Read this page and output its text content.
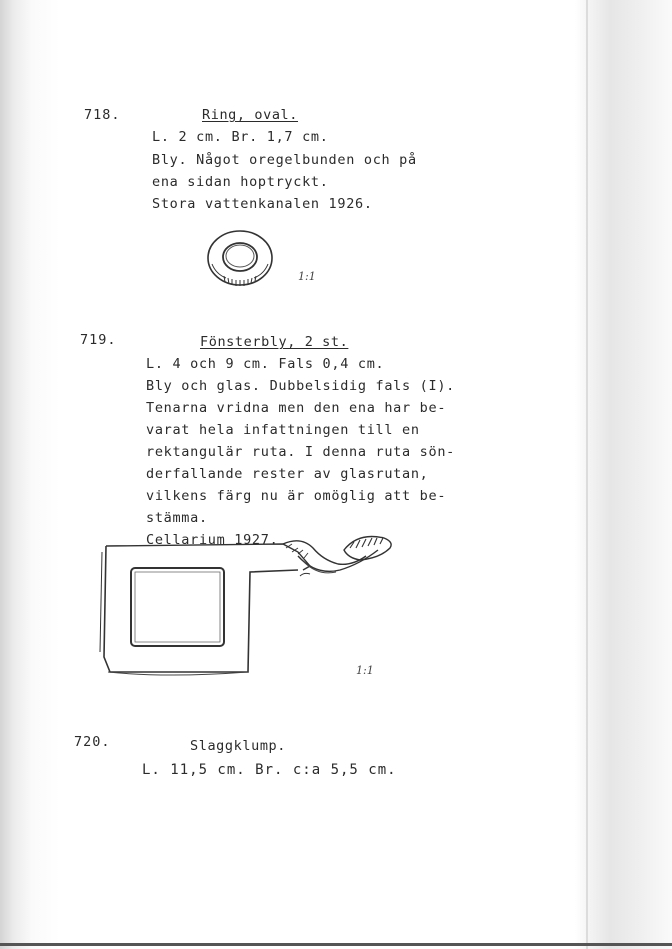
718.	Ring, oval.
L. 2 cm. Br. 1,7 cm.
Bly. Något oregelbunden och på
ena sidan hoptryckt.
Stora vattenkanalen 1926.
1:1
719.	Fönsterbly, 2 st.
L. 4 och 9 cm. Fals 0,4 cm.
Bly och glas. Dubbelsidig fals (I).
Tenarna vridna men den ena har be-
varat hela infattningen till en
rektangulär ruta. I denna ruta sön-
derfallande rester av glasrutan,
vilkens färg nu är omöglig att be-
stämma.
Cellarium 1927.
1:1
720.	Slaggklump.
L. 11,5 cm. Br. c:a 5,5 cm.
